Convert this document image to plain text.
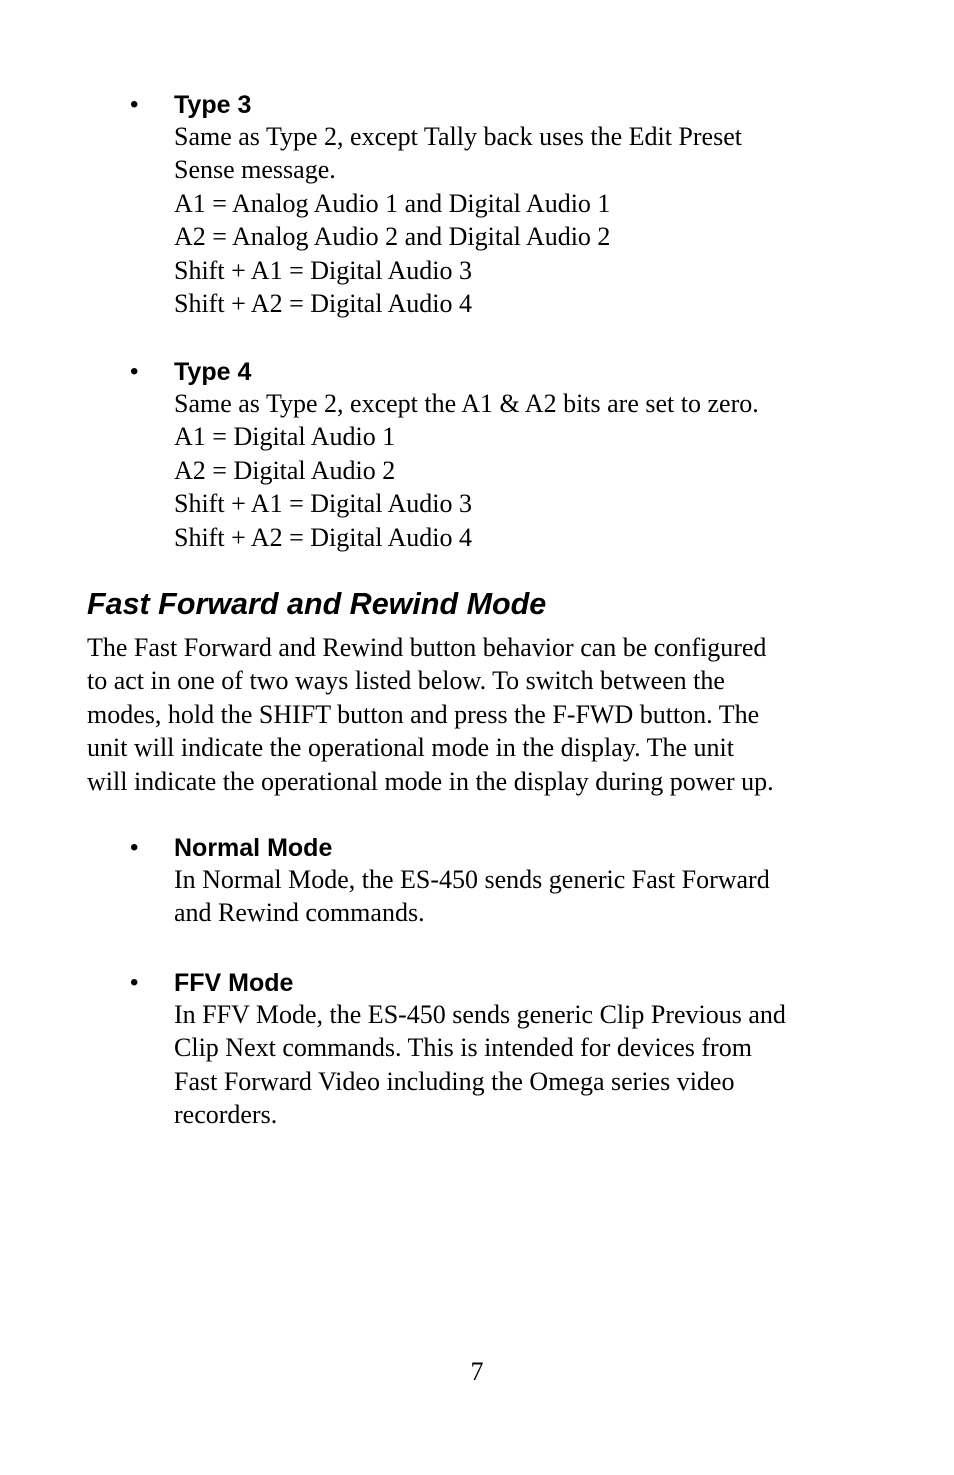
• Type 3
Same as Type 2, except Tally back uses the Edit Preset
Sense message.
A1 = Analog Audio 1 and Digital Audio 1
A2 = Analog Audio 2 and Digital Audio 2
Shift + A1 = Digital Audio 3
Shift + A2 = Digital Audio 4
• Type 4
Same as Type 2, except the A1 & A2 bits are set to zero.
A1 = Digital Audio 1
A2 = Digital Audio 2
Shift + A1 = Digital Audio 3
Shift + A2 = Digital Audio 4
Fast Forward and Rewind Mode
The Fast Forward and Rewind button behavior can be configured
to act in one of two ways listed below. To switch between the
modes, hold the SHIFT button and press the F-FWD button. The
unit will indicate the operational mode in the display. The unit
will indicate the operational mode in the display during power up.
• Normal Mode
In Normal Mode, the ES-450 sends generic Fast Forward
and Rewind commands.
• FFV Mode
In FFV Mode, the ES-450 sends generic Clip Previous and
Clip Next commands. This is intended for devices from
Fast Forward Video including the Omega series video
recorders.
7
